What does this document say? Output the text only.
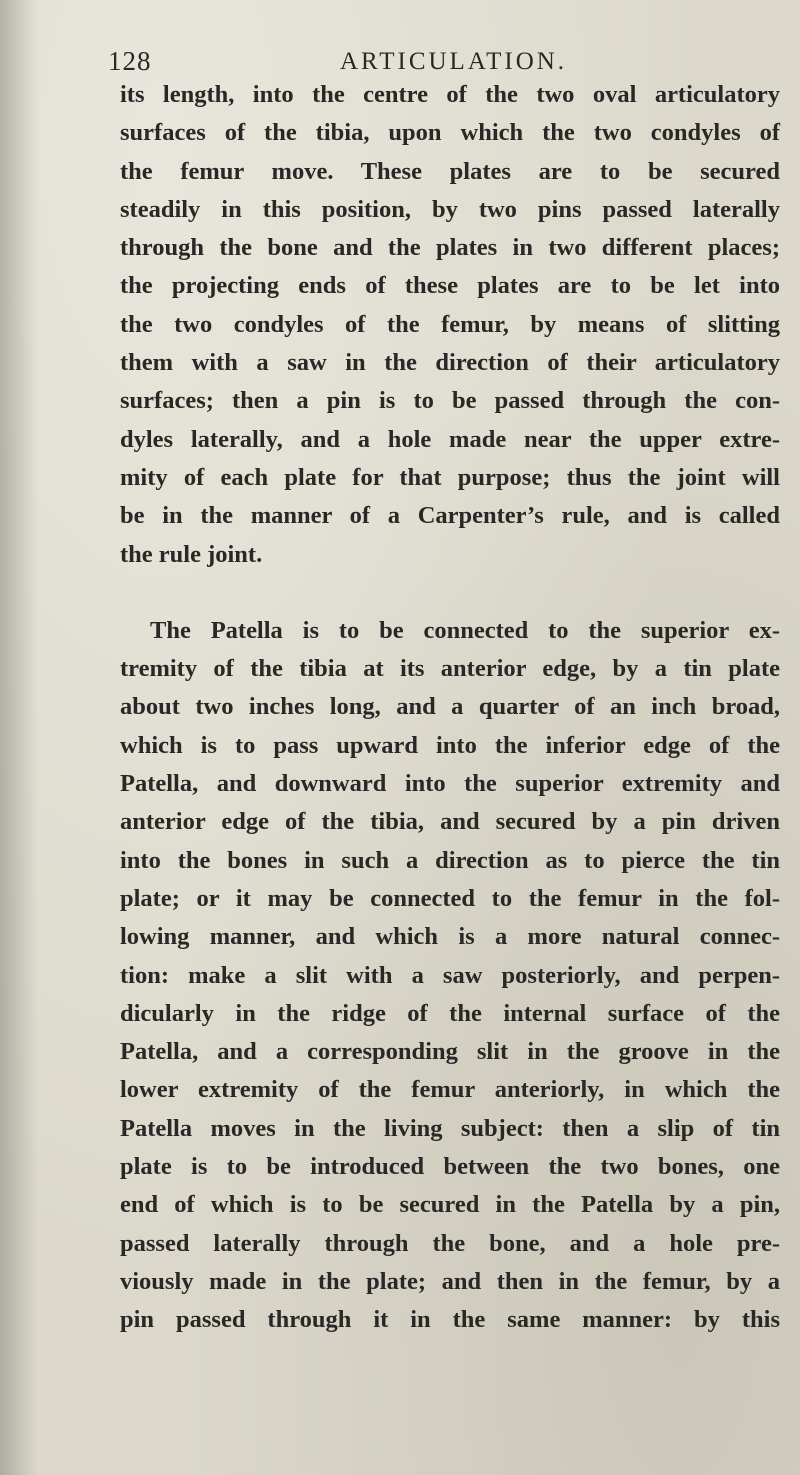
128	ARTICULATION.

its length, into the centre of the two oval articulatory
surfaces of the tibia, upon which the two condyles of
the femur move. These plates are to be secured
steadily in this position, by two pins passed laterally
through the bone and the plates in two different places;
the projecting ends of these plates are to be let into
the two condyles of the femur, by means of slitting
them with a saw in the direction of their articulatory
surfaces; then a pin is to be passed through the con-
dyles laterally, and a hole made near the upper extre-
mity of each plate for that purpose; thus the joint will
be in the manner of a Carpenter’s rule, and is called
the rule joint.

The Patella is to be connected to the superior ex-
tremity of the tibia at its anterior edge, by a tin plate
about two inches long, and a quarter of an inch broad,
which is to pass upward into the inferior edge of the
Patella, and downward into the superior extremity and
anterior edge of the tibia, and secured by a pin driven
into the bones in such a direction as to pierce the tin
plate; or it may be connected to the femur in the fol-
lowing manner, and which is a more natural connec-
tion: make a slit with a saw posteriorly, and perpen-
dicularly in the ridge of the internal surface of the
Patella, and a corresponding slit in the groove in the
lower extremity of the femur anteriorly, in which the
Patella moves in the living subject: then a slip of tin
plate is to be introduced between the two bones, one
end of which is to be secured in the Patella by a pin,
passed laterally through the bone, and a hole pre-
viously made in the plate; and then in the femur, by a
pin passed through it in the same manner: by this
